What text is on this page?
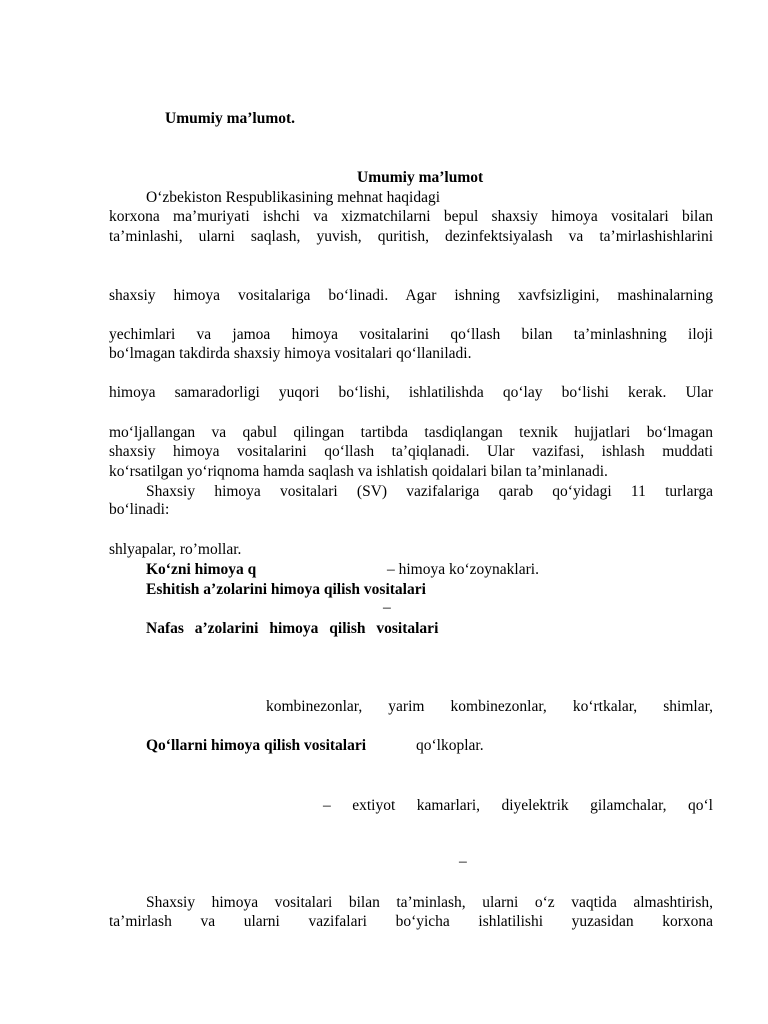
Umumiy ma’lumot.
Umumiy ma’lumot
O‘zbekiston Respublikasining mehnat haqidagi
korxona ma’muriyati ishchi va xizmatchilarni bepul shaxsiy himoya vositalari bilan
ta’minlashi, ularni saqlash, yuvish, quritish, dezinfektsiyalash va ta’mirlashishlarini
shaxsiy himoya vositalariga bo‘linadi. Agar ishning xavfsizligini, mashinalarning
yechimlari va jamoa himoya vositalarini qo‘llash bilan ta’minlashning iloji
bo‘lmagan takdirda shaxsiy himoya vositalari qo‘llaniladi.
himoya samaradorligi yuqori bo‘lishi, ishlatilishda qo‘lay bo‘lishi kerak. Ular
mo‘ljallangan va qabul qilingan tartibda tasdiqlangan texnik hujjatlari bo‘lmagan
shaxsiy himoya vositalarini qo‘llash ta’qiqlanadi. Ular vazifasi, ishlash muddati
ko‘rsatilgan yo‘riqnoma hamda saqlash va ishlatish qoidalari bilan ta’minlanadi.
Shaxsiy himoya vositalari (SV) vazifalariga qarab qo‘yidagi 11 turlarga
bo‘linadi:
shlyapalar, ro’mollar.
Ko‘zni himoya q	– himoya ko‘zoynaklari.
Eshitish a’zolarini himoya qilish vositalari
–
Nafas a’zolarini himoya qilish vositalari
kombinezonlar, yarim kombinezonlar, ko‘rtkalar, shimlar,
Qo‘llarni himoya qilish vositalari	qo‘lkoplar.
– extiyot kamarlari, diyelektrik gilamchalar, qo‘l
–
Shaxsiy himoya vositalari bilan ta’minlash, ularni o‘z vaqtida almashtirish,
ta’mirlash va ularni vazifalari bo‘yicha ishlatilishi yuzasidan korxona
